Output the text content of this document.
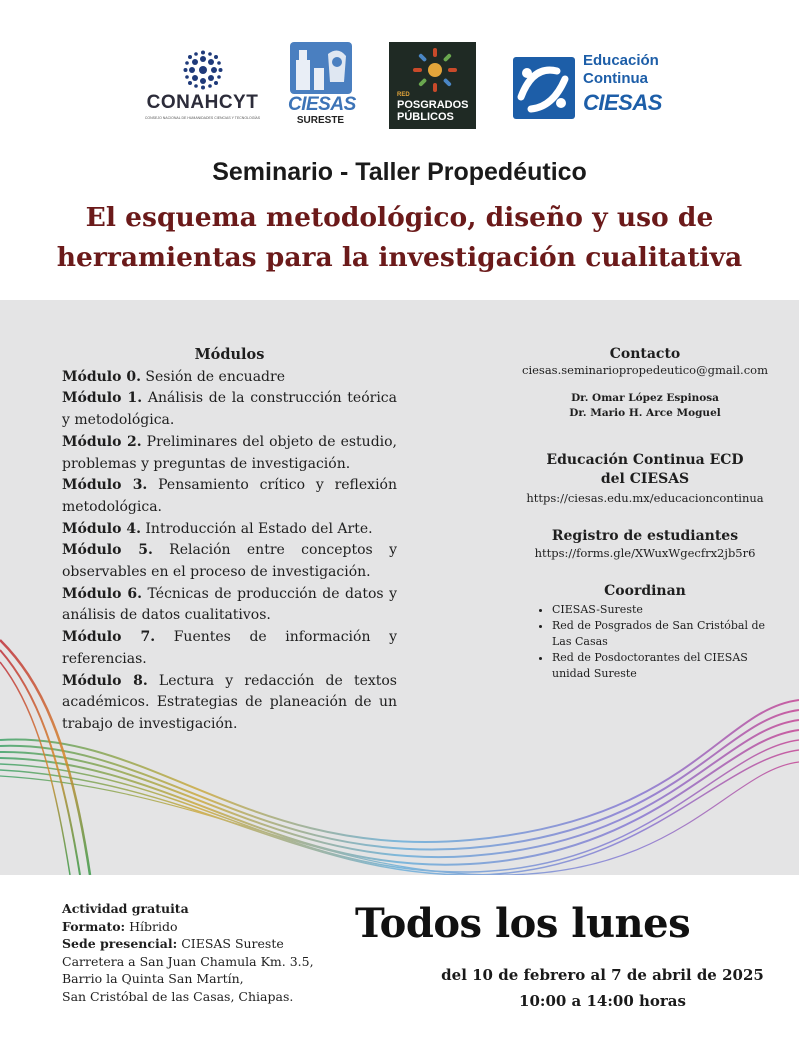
CONAHCYT
CONSEJO NACIONAL DE HUMANIDADES CIENCIAS Y TECNOLOGÍAS
CIESAS
SURESTE
RED
POSGRADOS
PÚBLICOS
Educación
Continua
CIESAS
Seminario - Taller Propedéutico
El esquema metodológico, diseño y uso de
herramientas para la investigación cualitativa
Módulos

Módulo 0. Sesión de encuadre

Módulo 1. Análisis de la construcción teórica y metodológica.

Módulo 2. Preliminares del objeto de estudio, problemas y preguntas de investigación.

Módulo 3. Pensamiento crítico y reflexión metodológica.

Módulo 4. Introducción al Estado del Arte.

Módulo 5. Relación entre conceptos y observables en el proceso de investigación.

Módulo 6. Técnicas de producción de datos y análisis de datos cualitativos.

Módulo 7. Fuentes de información y referencias.

Módulo 8. Lectura y redacción de textos académicos. Estrategias de planeación de un trabajo de investigación.

Contacto
ciesas.seminariopropedeutico@gmail.com
Dr. Omar López Espinosa
Dr. Mario H. Arce Moguel
Educación Continua ECD del CIESAS
https://ciesas.edu.mx/educacioncontinua
Registro de estudiantes
https://forms.gle/XWuxWgecfrx2jb5r6
Coordinan
• CIESAS-Sureste
• Red de Posgrados de San Cristóbal de Las Casas
• Red de Posdoctorantes del CIESAS unidad Sureste
Actividad gratuita
Formato: Híbrido
Sede presencial: CIESAS Sureste
Carretera a San Juan Chamula Km. 3.5,
Barrio la Quinta San Martín,
San Cristóbal de las Casas, Chiapas.
Todos los lunes
del 10 de febrero al 7 de abril de 2025
10:00 a 14:00 horas
